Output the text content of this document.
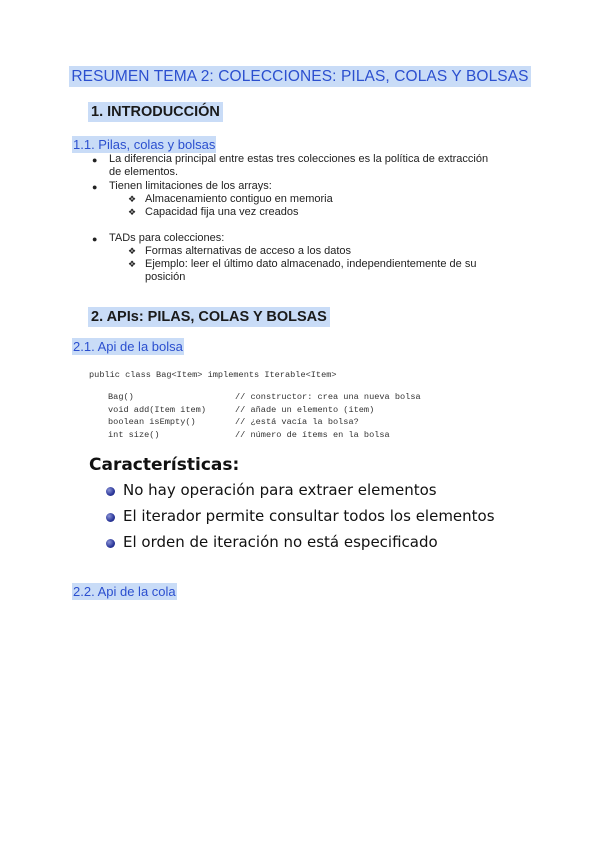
RESUMEN TEMA 2: COLECCIONES: PILAS, COLAS Y BOLSAS
1. INTRODUCCIÓN
1.1. Pilas, colas y bolsas
● La diferencia principal entre estas tres colecciones es la política de extracción
de elementos.
● Tienen limitaciones de los arrays:
❖ Almacenamiento contiguo en memoria
❖ Capacidad fija una vez creados
● TADs para colecciones:
❖ Formas alternativas de acceso a los datos
❖ Ejemplo: leer el último dato almacenado, independientemente de su
posición
2. APIs: PILAS, COLAS Y BOLSAS
2.1. Api de la bolsa
public class Bag<Item> implements Iterable<Item>
Bag()	// constructor: crea una nueva bolsa
void add(Item item)	// añade un elemento (item)
boolean isEmpty()	// ¿está vacía la bolsa?
int size()	// número de ítems en la bolsa
Características:
No hay operación para extraer elementos
El iterador permite consultar todos los elementos
El orden de iteración no está especificado
2.2. Api de la cola
